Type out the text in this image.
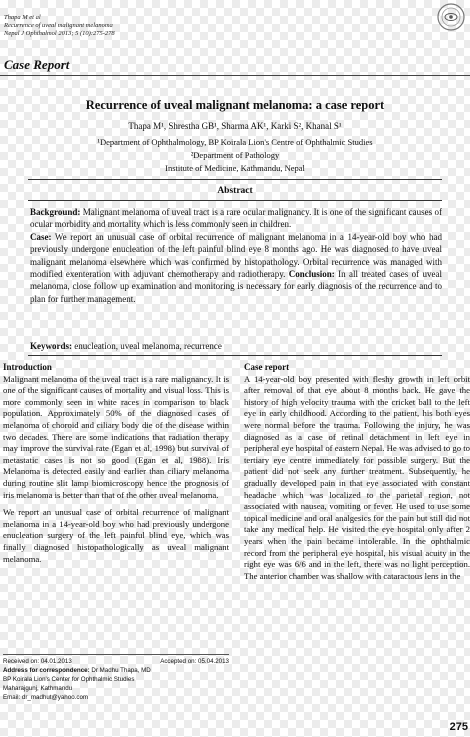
Thapa M et al
Recurrence of uveal malignant melanoma
Nepal J Ophthalmol 2013; 5 (10):275-278
Case Report
Recurrence of uveal malignant melanoma: a case report
Thapa M¹, Shrestha GB¹, Sharma AK¹, Karki S², Khanal S¹
¹Department of Ophthalmology, BP Koirala Lion's Centre of Ophthalmic Studies
²Department of Pathology
Institute of Medicine, Kathmandu, Nepal
Abstract

Background: Malignant melanoma of uveal tract is a rare ocular malignancy. It is one of the significant causes of ocular morbidity and mortality which is less commonly seen in children.

Case: We report an unusual case of orbital recurrence of malignant melanoma in a 14-year-old boy who had previously undergone enucleation of the left painful blind eye 8 months ago. He was diagnosed to have uveal malignant melanoma elsewhere which was confirmed by histopathology. Orbital recurrence was managed with modified exenteration with adjuvant chemotherapy and radiotherapy. Conclusion: In all treated cases of uveal melanoma, close follow up examination and monitoring is necessary for early diagnosis of the recurrence and to plan for further management.

Keywords: enucleation, uveal melanoma, recurrence
Introduction

Malignant melanoma of the uveal tract is a rare malignancy. It is one of the significant causes of mortality and visual loss. This is more commonly seen in white races in comparison to black population. Approximately 50% of the diagnosed cases of melanoma of choroid and ciliary body die of the disease within two decades. There are some indications that radiation therapy may improve the survival rate (Egan et al, 1998) but survival of metastatic cases is not so good (Egan et al, 1988). Iris Melanoma is detected easily and earlier than ciliary melanoma during routine slit lamp biomicroscopy hence the prognosis of iris melanoma is better than that of the other uveal melanoma.

We report an unusual case of orbital recurrence of malignant melanoma in a 14-year-old boy who had previously undergone enucleation surgery of the left painful blind eye, which was finally diagnosed histopathologically as uveal malignant melanoma.

Received on: 04.01.2013	Accepted on: 05.04.2013
Address for correspondence: Dr Madhu Thapa, MD
BP Koirala Lion's Center for Ophthalmic Studies
Maharajgunj, Kathmandu
Email: dr_madhut@yahoo.com
Case report

A 14-year-old boy presented with fleshy growth in left orbit after removal of that eye about 8 months back. He gave the history of high velocity trauma with the cricket ball to the left eye in early childhood. According to the patient, his both eyes were normal before the trauma. Following the injury, he was diagnosed as a case of retinal detachment in left eye in peripheral eye hospital of eastern Nepal. He was advised to go to tertiary eye centre immediately for possible surgery. But the patient did not seek any further treatment. Subsequently, he gradually developed pain in that eye associated with constant headache which was localized to the parietal region, not associated with nausea, vomiting or fever. He used to use some topical medicine and oral analgesics for the pain but still did not take any medical help. He visited the eye hospital only after 2 years when the pain became intolerable. In the ophthalmic record from the peripheral eye hospital, his visual acuity in the right eye was 6/6 and in the left, there was no light perception. The anterior chamber was shallow with cataractous lens in the

275
